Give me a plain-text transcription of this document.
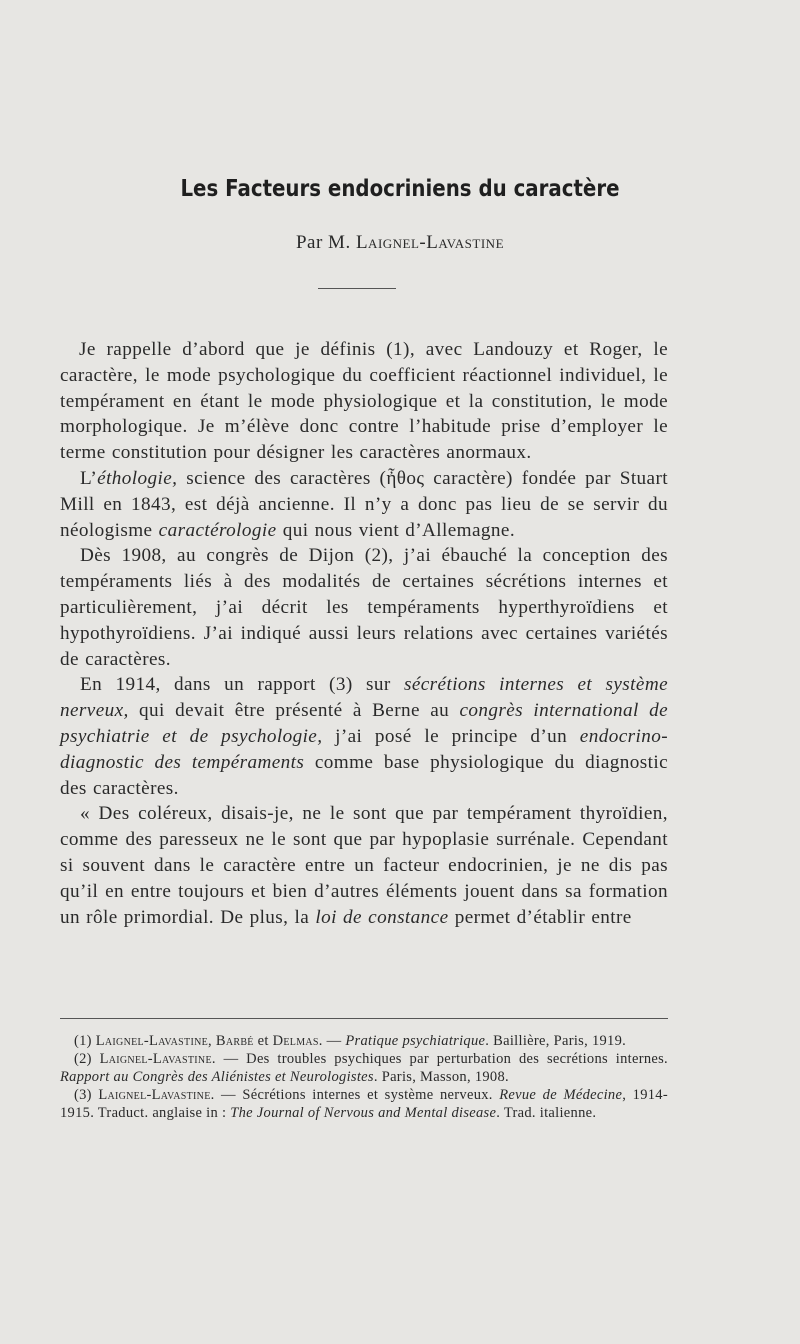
Les Facteurs endocriniens du caractère
Par M. Laignel-Lavastine

Je rappelle d’abord que je définis (1), avec Landouzy et Roger, le caractère, le mode psychologique du coefficient réactionnel individuel, le tempérament en étant le mode physiologique et la constitution, le mode morphologique. Je m’élève donc contre l’habitude prise d’employer le terme constitution pour désigner les caractères anormaux.

L’éthologie, science des caractères (ἦθος caractère) fondée par Stuart Mill en 1843, est déjà ancienne. Il n’y a donc pas lieu de se servir du néologisme caractérologie qui nous vient d’Allemagne.

Dès 1908, au congrès de Dijon (2), j’ai ébauché la conception des tempéraments liés à des modalités de certaines sécrétions internes et particulièrement, j’ai décrit les tempéraments hyperthyroïdiens et hypothyroïdiens. J’ai indiqué aussi leurs relations avec certaines variétés de caractères.

En 1914, dans un rapport (3) sur sécrétions internes et système nerveux, qui devait être présenté à Berne au congrès international de psychiatrie et de psychologie, j’ai posé le principe d’un endocrino-diagnostic des tempéraments comme base physiologique du diagnostic des caractères.

« Des coléreux, disais-je, ne le sont que par tempérament thyroïdien, comme des paresseux ne le sont que par hypoplasie surrénale. Cependant si souvent dans le caractère entre un facteur endocrinien, je ne dis pas qu’il en entre toujours et bien d’autres éléments jouent dans sa formation un rôle primordial. De plus, la loi de constance permet d’établir entre

(1) Laignel-Lavastine, Barbé et Delmas. — Pratique psychiatrique. Baillière, Paris, 1919.

(2) Laignel-Lavastine. — Des troubles psychiques par perturbation des secrétions internes. Rapport au Congrès des Aliénistes et Neurologistes. Paris, Masson, 1908.

(3) Laignel-Lavastine. — Sécrétions internes et système nerveux. Revue de Médecine, 1914-1915. Traduct. anglaise in : The Journal of Nervous and Mental disease. Trad. italienne.
